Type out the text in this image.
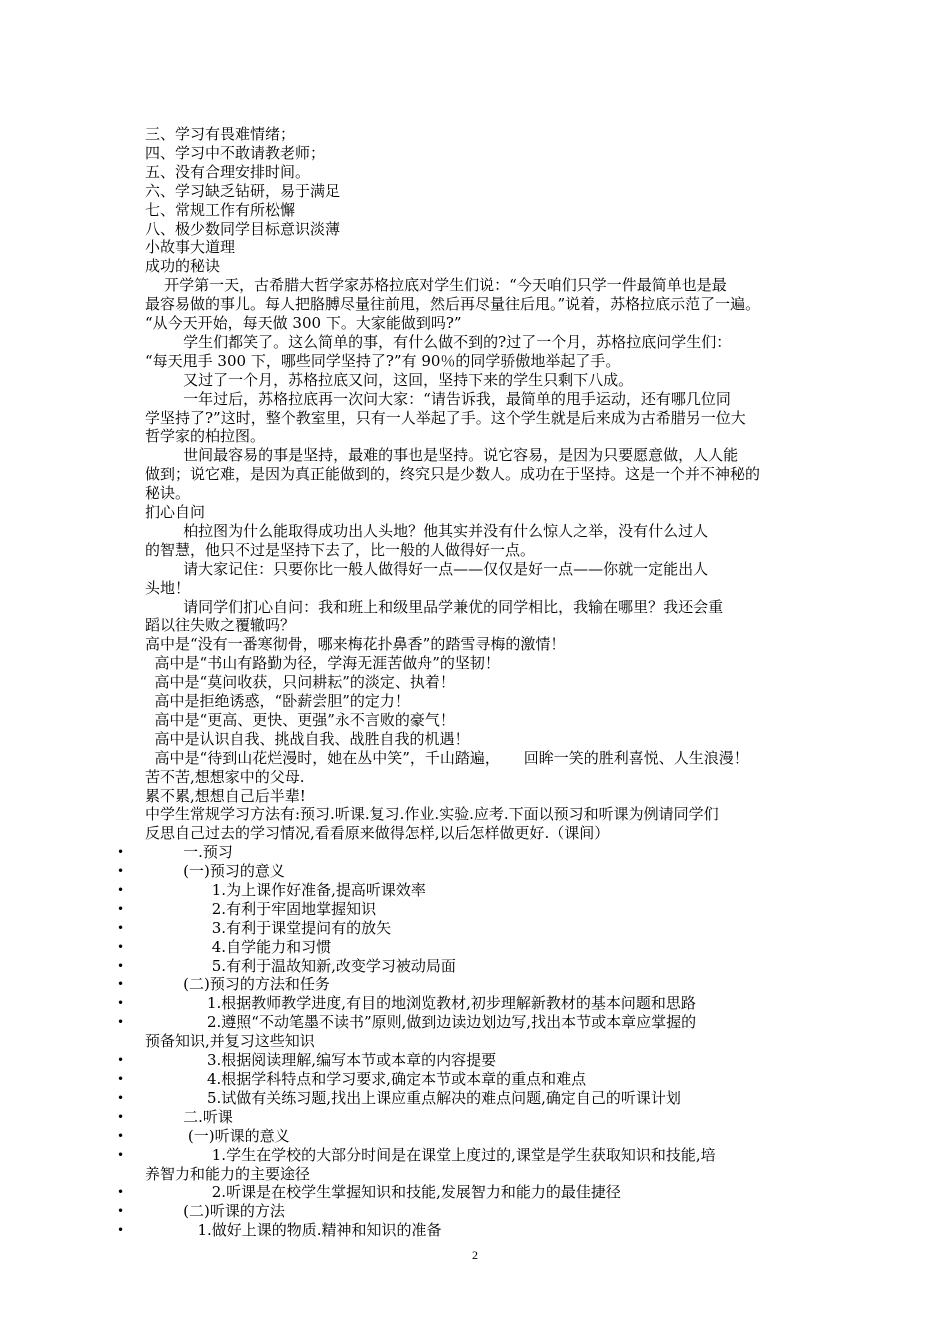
三、学习有畏难情绪；
四、学习中不敢请教老师；
五、没有合理安排时间。
六、学习缺乏钻研，易于满足
七、常规工作有所松懈
八、极少数同学目标意识淡薄
小故事大道理
成功的秘诀
开学第一天，古希腊大哲学家苏格拉底对学生们说：“今天咱们只学一件最简单也是最
最容易做的事儿。每人把胳膊尽量往前甩，然后再尽量往后甩。”说着，苏格拉底示范了一遍。
“从今天开始，每天做 300 下。大家能做到吗?”
学生们都笑了。这么简单的事，有什么做不到的?过了一个月，苏格拉底问学生们：
“每天甩手 300 下，哪些同学坚持了?”有 90％的同学骄傲地举起了手。
又过了一个月，苏格拉底又问，这回，坚持下来的学生只剩下八成。
一年过后，苏格拉底再一次问大家：“请告诉我，最简单的甩手运动，还有哪几位同
学坚持了?”这时，整个教室里，只有一人举起了手。这个学生就是后来成为古希腊另一位大
哲学家的柏拉图。
世间最容易的事是坚持，最难的事也是坚持。说它容易，是因为只要愿意做，人人能
做到；说它难，是因为真正能做到的，终究只是少数人。成功在于坚持。这是一个并不神秘的
秘诀。
扪心自问
柏拉图为什么能取得成功出人头地？他其实并没有什么惊人之举，没有什么过人
的智慧，他只不过是坚持下去了，比一般的人做得好一点。
请大家记住：只要你比一般人做得好一点——仅仅是好一点——你就一定能出人
头地！
请同学们扪心自问：我和班上和级里品学兼优的同学相比，我输在哪里？我还会重
蹈以往失败之覆辙吗？
高中是“没有一番寒彻骨，哪来梅花扑鼻香”的踏雪寻梅的激情！
高中是“书山有路勤为径，学海无涯苦做舟”的坚韧！
高中是“莫问收获，只问耕耘”的淡定、执着！
高中是拒绝诱惑，“卧薪尝胆”的定力！
高中是“更高、更快、更强”永不言败的豪气！
高中是认识自我、挑战自我、战胜自我的机遇！
高中是“待到山花烂漫时，她在丛中笑”，千山踏遍，     回眸一笑的胜利喜悦、人生浪漫！
苦不苦,想想家中的父母.
累不累,想想自己后半辈!
中学生常规学习方法有:预习.听课.复习.作业.实验.应考.下面以预习和听课为例请同学们
反思自己过去的学习情况,看看原来做得怎样,以后怎样做更好.（课间）
一.预习
•
(一)预习的意义
•
1.为上课作好准备,提高听课效率
•
2.有利于牢固地掌握知识
•
3.有利于课堂提问有的放矢
•
4.自学能力和习惯
•
5.有利于温故知新,改变学习被动局面
•
(二)预习的方法和任务
•
1.根据教师教学进度,有目的地浏览教材,初步理解新教材的基本问题和思路
•
2.遵照“不动笔墨不读书”原则,做到边读边划边写,找出本节或本章应掌握的
•
预备知识,并复习这些知识
3.根据阅读理解,编写本节或本章的内容提要
•
4.根据学科特点和学习要求,确定本节或本章的重点和难点
•
5.试做有关练习题,找出上课应重点解决的难点问题,确定自己的听课计划
•
二.听课
•
(一)听课的意义
•
1.学生在学校的大部分时间是在课堂上度过的,课堂是学生获取知识和技能,培
•
养智力和能力的主要途径
2.听课是在校学生掌握知识和技能,发展智力和能力的最佳捷径
•
(二)听课的方法
•
1.做好上课的物质.精神和知识的准备
•
2
